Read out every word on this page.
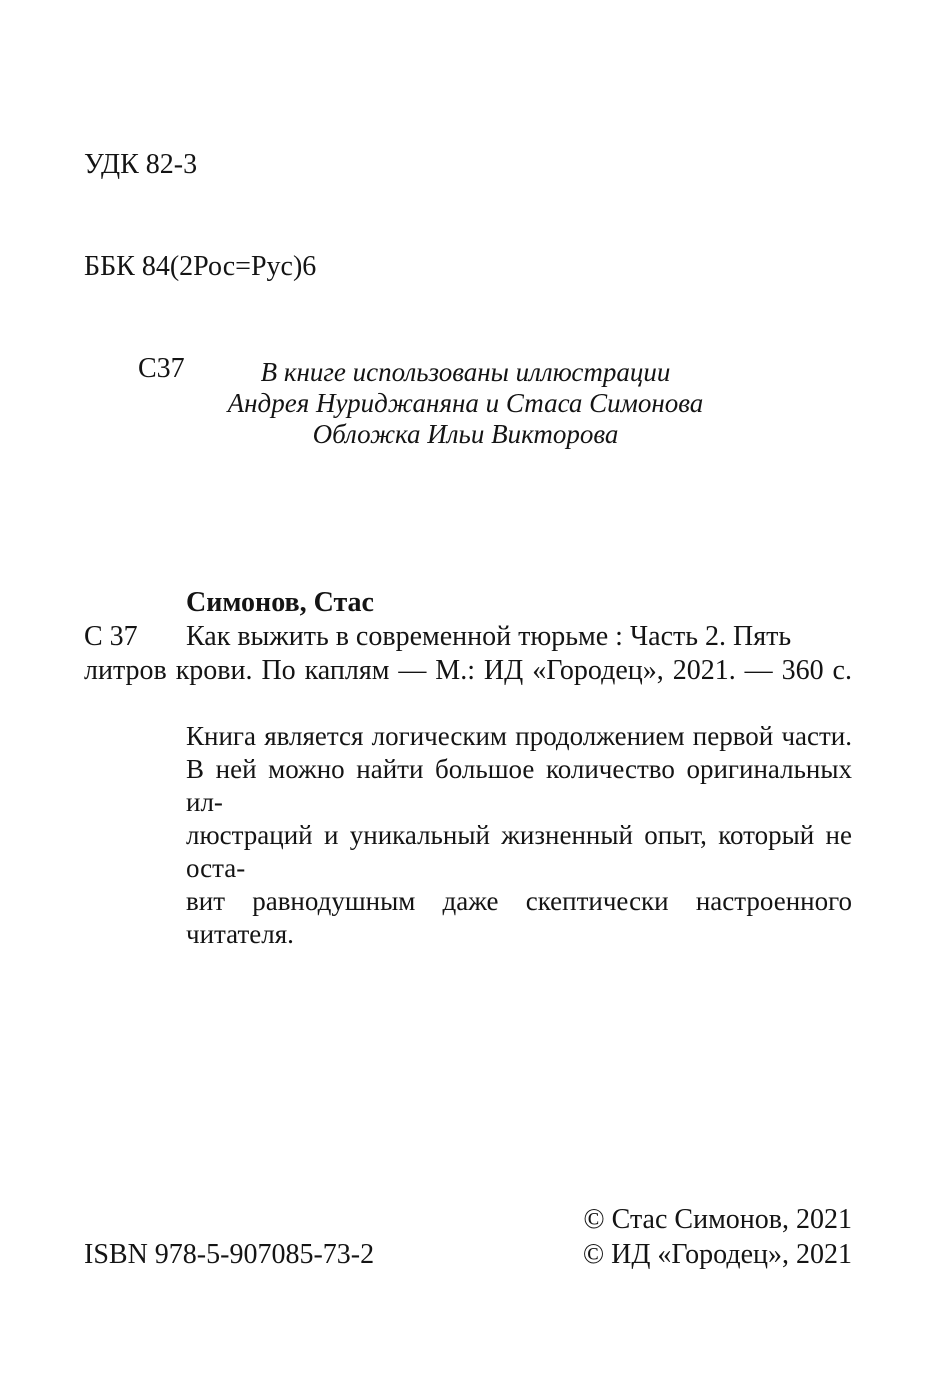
УДК 82-3

ББК 84(2Рос=Рус)6

С37

	В книге использованы иллюстрации
Андрея Нуриджаняна и Стаса Симонова
Обложка Ильи Викторова
Симонов, Стас
С 37 Как выжить в современной тюрьме : Часть 2. Пять
литров крови. По каплям — М.: ИД «Городец», 2021. — 360 с.
Книга является логическим продолжением первой части.
В ней можно найти большое количество оригинальных ил-
люстраций и уникальный жизненный опыт, который не оста-
вит равнодушным даже скептически настроенного читателя.
ISBN 978-5-907085-73-2
© Стас Симонов, 2021
© ИД «Городец», 2021
